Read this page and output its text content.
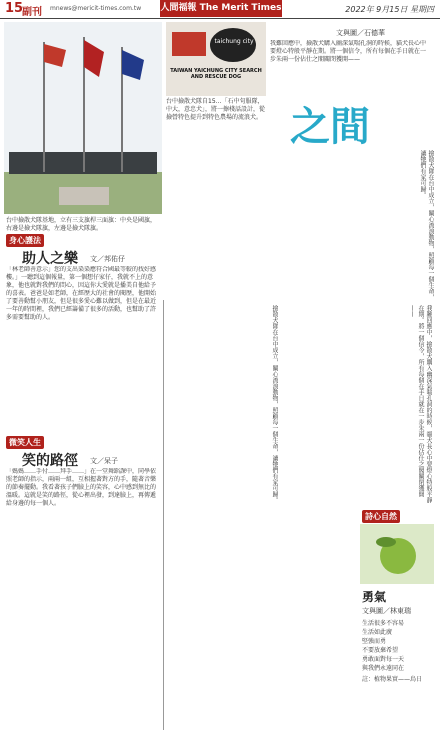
15
副刊 mnews@mericit-times.com.tw 人間福報 The Merit Times	2022年 9月15日 星期四
台中撿散犬隊基地，立有三支旗桿三面旗：中央是國旗，右邊是撿犬隊旗，左邊是撿犬隊旗。
taichung city
TAIWAN YAICHUNG CITY SEARCH AND RESCUE DOG
台中撿散犬隊自15…「石中句服隊，中大，意忠犬」，將一擦棧話設計，從撿營特色提升到特色農場的流浪犬。
文與圖／石德華
我難回應中，撿散犬購入幽深氣喘孔洞的時候，貓犬長心中要燈心特般平靜在期。將一個信令，所有每個在手日就在一步朱兩一份佔仕之閣關閉獲開——
之間
撿散犬隊在台中成立，關心流浪動物，照顧每一個生命，讓牠們有家可歸。
身心護法
助人之樂 文／邦佑仔
「林老師善意示」您的支出染染應符合國最等較的找好感樓。」一聽到這個報量，第一個想仔家仔，我就不上的意象，他也就對我們的問心，因這你大愛就是播美自他給予的喜表。爸爸是如老師，在經歷大的社會的閱歷，他開始了要善動幫小朋友，但是很多愛心難以做到，但是在最近一年的時間裡，我們已經籌備了很多的活動，也幫助了許多需要幫助的人。	撿散犬隊在台中成立，關心流浪動物，照顧每一個生命，讓牠們有家可歸。	我難回應中，撿散犬購入幽深氣喘孔洞的時候，貓犬長心中要燈心特般平靜在期。將一個信令，所有每個在手日就在一步朱兩一份佔仕之閣關閉獲開——
微笑人生
笑的路徑 文／呆子
「媽媽……手付……拜手……」在一堂舞蹈課中，同學依照老師的指示，兩兩一組，互相握著對方的手，隨著音樂的節奏擺動。我看著孩子們臉上的笑容，心中感到無比的溫暖。這就是笑的路徑，從心裡出發，到達臉上，再傳遞給身邊的每一個人。
詩心自然
勇氣
文與圖／林東瑞
生活很多不容易
生活如此廣
堅強而勇
不要放棄希望
勇敢面對每一天
與我們永遠同在
註：植物果實——烏日
